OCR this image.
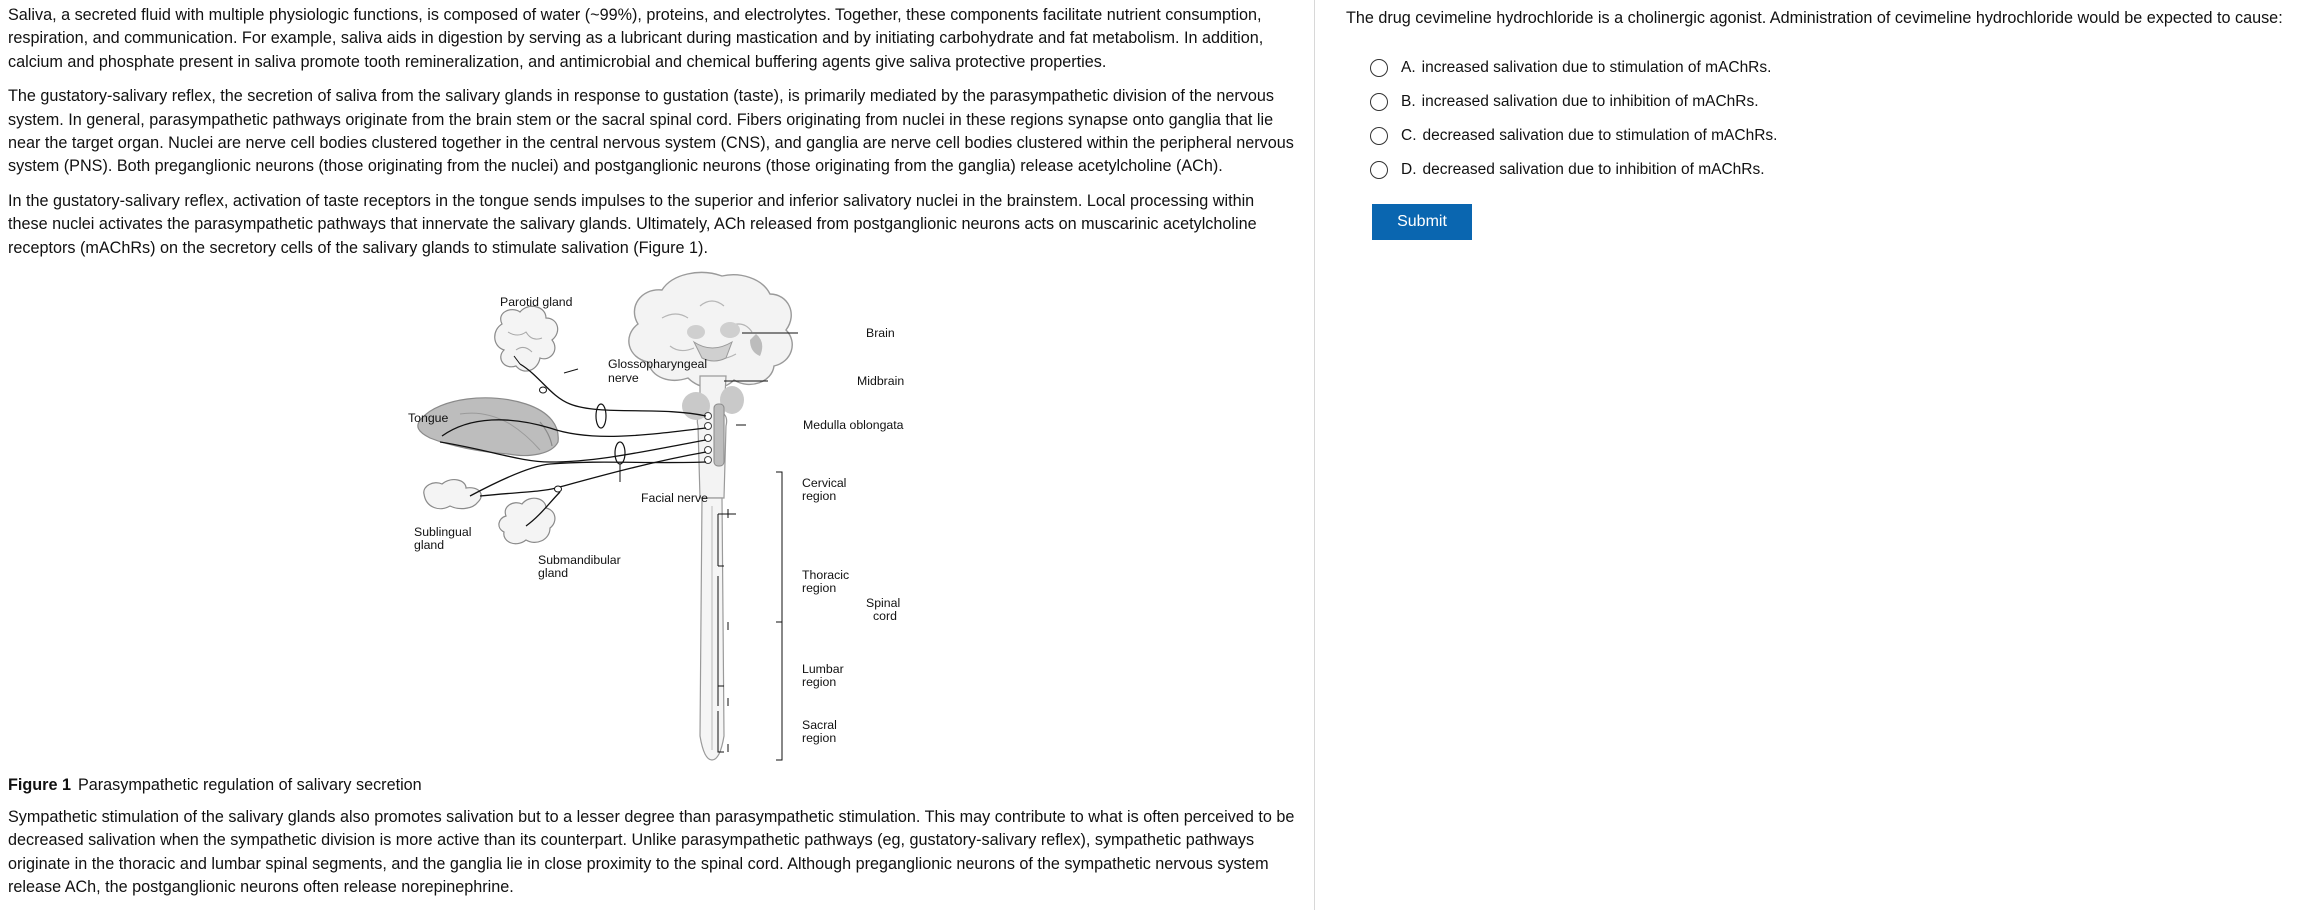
Saliva, a secreted fluid with multiple physiologic functions, is composed of water (~99%), proteins, and electrolytes. Together, these components facilitate nutrient consumption, respiration, and communication. For example, saliva aids in digestion by serving as a lubricant during mastication and by initiating carbohydrate and fat metabolism. In addition, calcium and phosphate present in saliva promote tooth remineralization, and antimicrobial and chemical buffering agents give saliva protective properties.

The gustatory-salivary reflex, the secretion of saliva from the salivary glands in response to gustation (taste), is primarily mediated by the parasympathetic division of the nervous system. In general, parasympathetic pathways originate from the brain stem or the sacral spinal cord. Fibers originating from nuclei in these regions synapse onto ganglia that lie near the target organ. Nuclei are nerve cell bodies clustered together in the central nervous system (CNS), and ganglia are nerve cell bodies clustered within the peripheral nervous system (PNS). Both preganglionic neurons (those originating from the nuclei) and postganglionic neurons (those originating from the ganglia) release acetylcholine (ACh).

In the gustatory-salivary reflex, activation of taste receptors in the tongue sends impulses to the superior and inferior salivatory nuclei in the brainstem. Local processing within these nuclei activates the parasympathetic pathways that innervate the salivary glands. Ultimately, ACh released from postganglionic neurons acts on muscarinic acetylcholine receptors (mAChRs) on the secretory cells of the salivary glands to stimulate salivation (Figure 1).

Parotid gland
Glossopharyngeal
nerve
Tongue
Facial nerve
Sublingual
gland
Submandibular
gland
Brain
Midbrain
Medulla oblongata
Cervical
region
Thoracic
region
Spinal
cord
Lumbar
region
Sacral
region
Figure 1 Parasympathetic regulation of salivary secretion

Sympathetic stimulation of the salivary glands also promotes salivation but to a lesser degree than parasympathetic stimulation. This may contribute to what is often perceived to be decreased salivation when the sympathetic division is more active than its counterpart. Unlike parasympathetic pathways (eg, gustatory-salivary reflex), sympathetic pathways originate in the thoracic and lumbar spinal segments, and the ganglia lie in close proximity to the spinal cord. Although preganglionic neurons of the sympathetic nervous system release ACh, the postganglionic neurons often release norepinephrine.

The drug cevimeline hydrochloride is a cholinergic agonist. Administration of cevimeline hydrochloride would be expected to cause:

A. increased salivation due to stimulation of mAChRs.
B. increased salivation due to inhibition of mAChRs.
C. decreased salivation due to stimulation of mAChRs.
D. decreased salivation due to inhibition of mAChRs.
Submit
